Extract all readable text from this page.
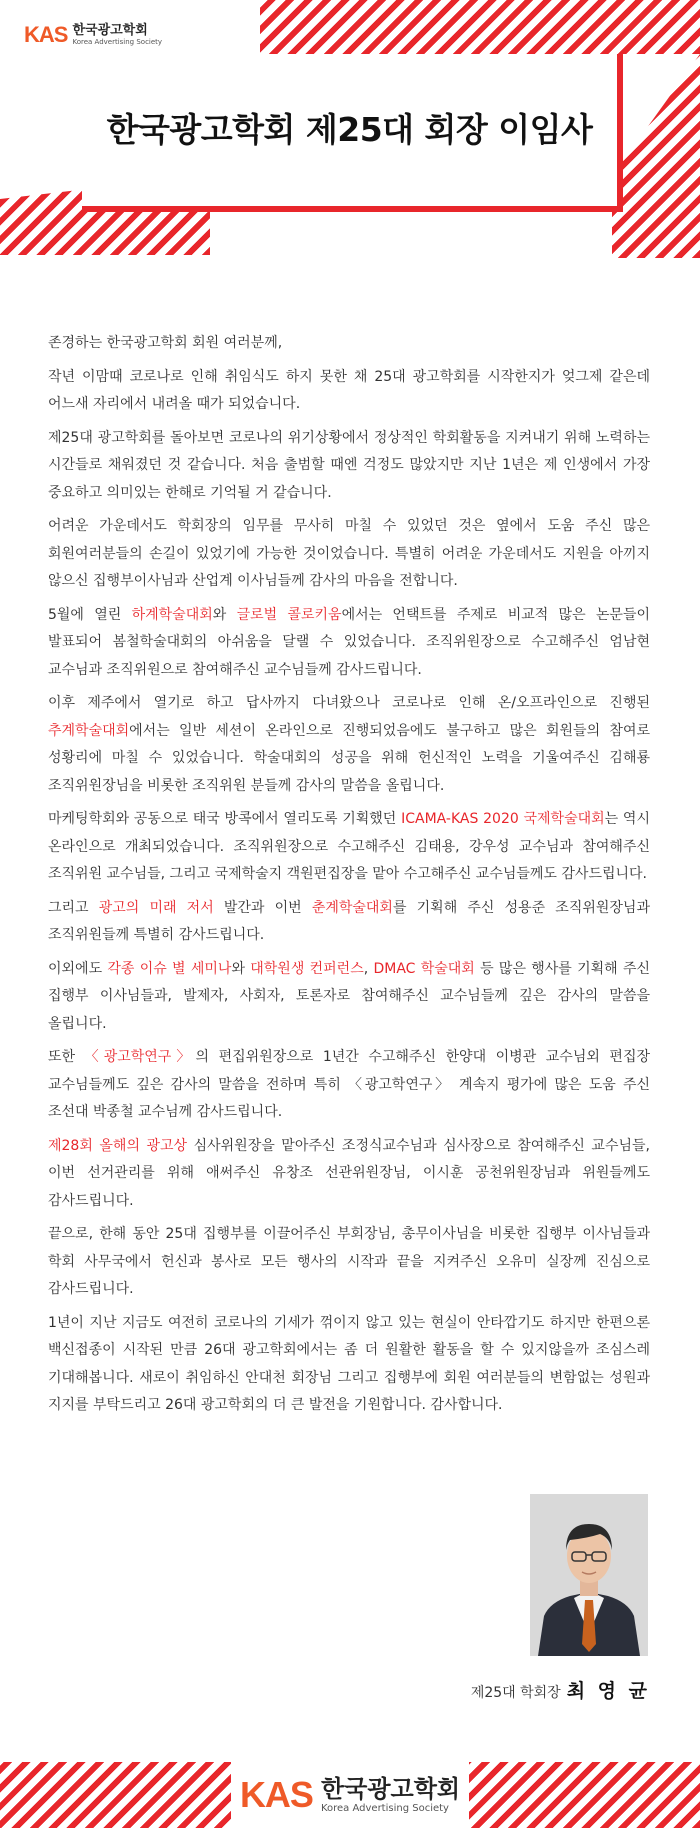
KAS 한국광고학회
Korea Advertising Society
한국광고학회 제25대 회장 이임사

존경하는 한국광고학회 회원 여러분께,

작년 이맘때 코로나로 인해 취임식도 하지 못한 채 25대 광고학회를 시작한지가 엊그제 같은데 어느새 자리에서 내려올 때가 되었습니다.

제25대 광고학회를 돌아보면 코로나의 위기상황에서 정상적인 학회활동을 지켜내기 위해 노력하는 시간들로 채워졌던 것 같습니다. 처음 출범할 때엔 걱정도 많았지만 지난 1년은 제 인생에서 가장 중요하고 의미있는 한해로 기억될 거 같습니다.

어려운 가운데서도 학회장의 임무를 무사히 마칠 수 있었던 것은 옆에서 도움 주신 많은 회원여러분들의 손길이 있었기에 가능한 것이었습니다. 특별히 어려운 가운데서도 지원을 아끼지 않으신 집행부이사님과 산업계 이사님들께 감사의 마음을 전합니다.

5월에 열린 하계학술대회와 글로벌 콜로키움에서는 언택트를 주제로 비교적 많은 논문들이 발표되어 봄철학술대회의 아쉬움을 달랠 수 있었습니다. 조직위원장으로 수고해주신 엄남현 교수님과 조직위원으로 참여해주신 교수님들께 감사드립니다.

이후 제주에서 열기로 하고 답사까지 다녀왔으나 코로나로 인해 온/오프라인으로 진행된 추계학술대회에서는 일반 세션이 온라인으로 진행되었음에도 불구하고 많은 회원들의 참여로 성황리에 마칠 수 있었습니다. 학술대회의 성공을 위해 헌신적인 노력을 기울여주신 김해룡 조직위원장님을 비롯한 조직위원 분들께 감사의 말씀을 올립니다.

마케팅학회와 공동으로 태국 방콕에서 열리도록 기획했던 ICAMA-KAS 2020 국제학술대회는 역시 온라인으로 개최되었습니다. 조직위원장으로 수고해주신 김태용, 강우성 교수님과 참여해주신 조직위원 교수님들, 그리고 국제학술지 객원편집장을 맡아 수고해주신 교수님들께도 감사드립니다.

그리고 광고의 미래 저서 발간과 이번 춘계학술대회를 기획해 주신 성용준 조직위원장님과 조직위원들께 특별히 감사드립니다.

이외에도 각종 이슈 별 세미나와 대학원생 컨퍼런스, DMAC 학술대회 등 많은 행사를 기획해 주신 집행부 이사님들과, 발제자, 사회자, 토론자로 참여해주신 교수님들께 깊은 감사의 말씀을 올립니다.

또한 〈광고학연구〉의 편집위원장으로 1년간 수고해주신 한양대 이병관 교수님외 편집장 교수님들께도 깊은 감사의 말씀을 전하며 특히 〈광고학연구〉 계속지 평가에 많은 도움 주신 조선대 박종철 교수님께 감사드립니다.

제28회 올해의 광고상 심사위원장을 맡아주신 조정식교수님과 심사장으로 참여해주신 교수님들, 이번 선거관리를 위해 애써주신 유창조 선관위원장님, 이시훈 공천위원장님과 위원들께도 감사드립니다.

끝으로, 한해 동안 25대 집행부를 이끌어주신 부회장님, 총무이사님을 비롯한 집행부 이사님들과 학회 사무국에서 헌신과 봉사로 모든 행사의 시작과 끝을 지켜주신 오유미 실장께 진심으로 감사드립니다.

1년이 지난 지금도 여전히 코로나의 기세가 꺾이지 않고 있는 현실이 안타깝기도 하지만 한편으론 백신접종이 시작된 만큼 26대 광고학회에서는 좀 더 원활한 활동을 할 수 있지않을까 조심스레 기대해봅니다. 새로이 취임하신 안대천 회장님 그리고 집행부에 회원 여러분들의 변함없는 성원과 지지를 부탁드리고 26대 광고학회의 더 큰 발전을 기원합니다. 감사합니다.

제25대 학회장 최 영 균
KAS 한국광고학회
Korea Advertising Society
